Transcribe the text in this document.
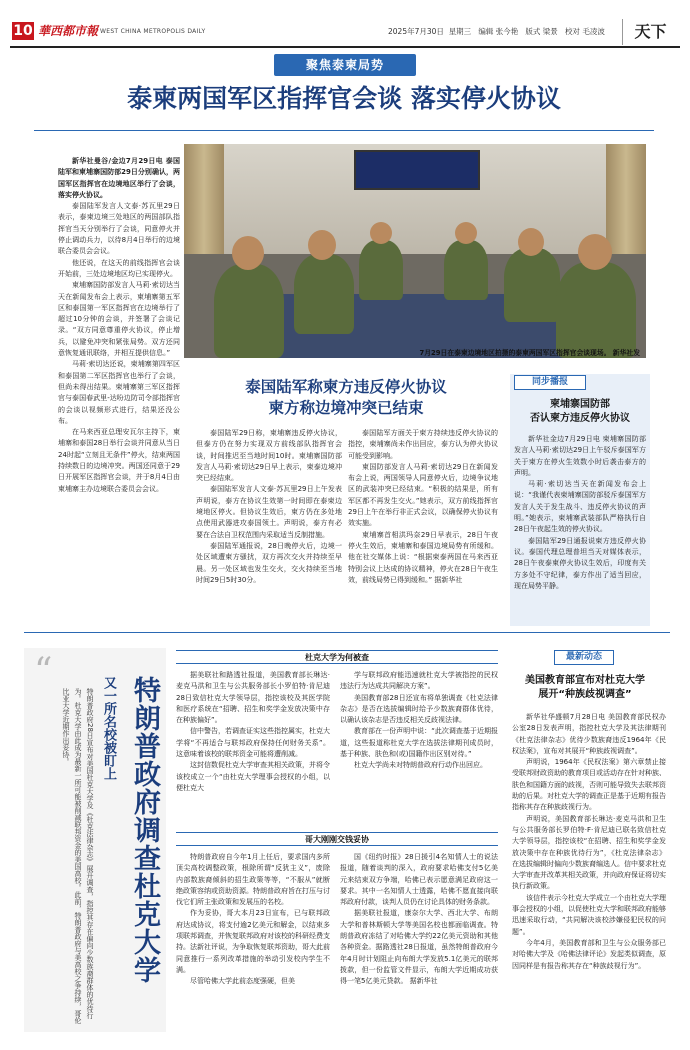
10 華西都市報 WEST CHINA METROPOLIS DAILY	2025年7月30日 星期三 编辑 张今艳 版式 梁景 校对 毛凌波	天下
聚焦泰柬局势
泰柬两国军区指挥官会谈 落实停火协议

新华社曼谷/金边7月29日电 泰国陆军和柬埔寨国防部29日分别确认，两国军区指挥官在边境地区举行了会谈，落实停火协议。

泰国陆军发言人文泰·苏瓦里29日表示，泰柬边境三处地区的两国部队指挥官当天分别举行了会谈，同意停火并停止调动兵力，以待8月4日举行的边境联合委员会会议。

他还说，在这天的前线指挥官会谈开始前，三处边境地区均已实现停火。

柬埔寨国防部发言人马莉·索切达当天在新闻发布会上表示，柬埔寨第五军区和泰国第一军区指挥官在边境举行了超过10分钟的会谈，并签署了会谈记录。“双方同意尊重停火协议，停止增兵，以避免冲突和紧张局势。双方还同意恢复通讯联络，并相互提供信息。”

马莉·索切达还说，柬埔寨第四军区和泰国第二军区指挥官也举行了会谈，但尚未得出结果。柬埔寨第三军区指挥官与泰国春武里-达吩边防司令部指挥官的会谈以视频形式进行，结果还没公布。

在马来西亚总理安瓦尔主持下，柬埔寨和泰国28日举行会谈并同意从当日24时起“立刻且无条件”停火，结束两国持续数日的边境冲突。两国还同意于29日开展军区指挥官会谈，并于8月4日由柬埔寨主办边境联合委员会会议。

7月29日在泰柬边境地区拍摄的泰柬两国军区指挥官会谈现场。 新华社发
泰国陆军称柬方违反停火协议
柬方称边境冲突已结束

泰国陆军29日称，柬埔寨违反停火协议，但泰方仍在努力实现双方前线部队指挥官会谈，时间推迟至当地时间10时。柬埔寨国防部发言人马莉·索切达29日早上表示，柬泰边境冲突已经结束。

泰国陆军发言人文泰·苏瓦里29日上午发表声明说，泰方在协议生效第一时间即在泰柬边境地区停火。但协议生效后，柬方仍在多处地点使用武器进攻泰国领土。声明说，泰方有必要在合法自卫权范围内采取适当反制措施。

泰国陆军通报说，28日晚停火后，边境一处区域遭柬方骚扰，双方再次交火并持续至早晨。另一处区域也发生交火，交火持续至当地时间29日5时30分。

泰国陆军方面关于柬方持续违反停火协议的指控，柬埔寨尚未作出回应，泰方认为停火协议可能受到影响。

柬国防部发言人马莉·索切达29日在新闻发布会上说，两国领导人同意停火后，边境争议地区的武装冲突已经结束。“积极的结果是，所有军区都不再发生交火。”她表示，双方前线指挥官29日上午在举行非正式会议，以确保停火协议有效实施。

柬埔寨首相洪玛奈29日早表示，28日午夜停火生效后，柬埔寨和泰国边境局势有所缓和。他在社交媒体上说：“根据柬泰两国在马来西亚特别会议上达成的协议精神，停火在28日午夜生效，前线局势已得到缓和。” 据新华社

同步播报
柬埔寨国防部
否认柬方违反停火协议

新华社金边7月29日电 柬埔寨国防部发言人马莉·索切达29日上午驳斥泰国军方关于柬方在停火生效数小时后袭击泰方的声明。

马莉·索切达当天在新闻发布会上说：“我谨代表柬埔寨国防部驳斥泰国军方发言人关于发生战斗、违反停火协议的声明。”她表示，柬埔寨武装部队严格执行自28日午夜起生效的停火协议。

泰国陆军29日通报说柬方违反停火协议。泰国代理总理普坦当天对媒体表示，28日午夜泰柬停火协议生效后，印度有关方多处不守纪律，泰方作出了适当回应，现在局势平静。

“
特朗普政府调查杜克大学
又一所名校被盯上
特朗普政府28日宣布对美国杜克大学及《杜克法律杂志》展开调查，指控其存在偏向少数族裔群体的优待行为。杜克大学由此成为最新一所可能被削减联邦资金的美国高校。此前，特朗普政府与美高校之争持续，哥伦比亚大学近期作出妥协。
杜克大学为何被查

据美联社和路透社报道，美国教育部长琳达·麦克马洪和卫生与公共服务部长小罗伯特·肯尼迪28日致信杜克大学领导层，指控该校及其医学院和医疗系统在“招聘、招生和奖学金发放决策中存在种族偏好”。

信中警告，若调查证实这些指控属实，杜克大学将“不再适合与联邦政府保持任何财务关系”。这意味着该校的联邦资金可能将遭削减。

这封信数促杜克大学审查其相关政策，并将令该校成立一个“由杜克大学理事会授权的小组，以便杜克大

学与联邦政府能迅速就杜克大学被指控的民权违法行为达成共同解决方案”。

美国教育部28日还宣布将单独调查《杜克法律杂志》是否在选拔编辑时给予少数族裔群体优待，以确认该杂志是否违反相关反歧视法律。

教育部在一份声明中说：“此次调查基于近期报道，这些报道称杜克大学在选拔法律期刊成员时，基于种族、肤色和(或)国籍作出区别对待。”

杜克大学尚未对特朗普政府行动作出回应。

哥大刚刚交钱妥协

特朗普政府自今年1月上任后，要求国内多所顶尖高校调整政策，根除所谓“反犹主义”，废除内部数族裔倾斜的招生政策等等，“不服从”就断绝政策容纳或资助资源。特朗普政府旨在打压与讨伐它们所主张政策和发展压的名校。

作为妥协，哥大本月23日宣布，已与联邦政府达成协议，将支付逾2亿美元和解金，以结束多项联邦调查，并恢复联邦政府对该校的科研经费支持。法新社评说，为争取恢复联邦资助，哥大此前同意推行一系列改革措施的举动引发校内学生不满。

尽管哈佛大学此前态度强硬，但美

国《纽约时报》28日援引4名知情人士的说法报道，随着谈判的深入，政府要求哈佛支付5亿美元来结束双方争端，哈佛已表示愿意满足政府这一要求。其中一名知情人士透露，哈佛不愿直接向联邦政府付款，谈判人员仍在讨论具体的财务条款。

据美联社报道，康奈尔大学、西北大学、布朗大学和普林斯顿大学等美国名校也都面临调查。特朗普政府冻结了对哈佛大学约22亿美元资助和其他各种资金。据路透社28日报道，虽然特朗普政府今年4月时计划阻止向布朗大学发放5.1亿美元的联邦拨款，但一份监管文件显示，布朗大学近期成功获得一笔5亿美元贷款。 据新华社

最新动态
美国教育部宣布对杜克大学
展开“种族歧视调查”

新华社华盛顿7月28日电 美国教育部民权办公室28日发表声明，指控杜克大学及其法律期刊《杜克法律杂志》优待少数族裔违反1964年《民权法案》，宣布对其展开“种族歧视调查”。

声明说，1964年《民权法案》第六章禁止接受联邦财政资助的教育项目或活动存在针对种族、肤色和国籍方面的歧视，否则可能导致失去联邦资助的后果。对杜克大学的调查正是基于近期有报告指称其存在种族歧视行为。

声明说，美国教育部长琳达·麦克马洪和卫生与公共服务部长罗伯特·F·肯尼迪已联名致信杜克大学领导层，指控该校“在招聘、招生和奖学金发放决策中存在种族优待行为”，《杜克法律杂志》在选拔编辑时偏向少数族裔编选人。信中要求杜克大学审查并改革其相关政策，并向政府保证将切实执行新政策。

该信件表示今杜克大学成立一个由杜克大学理事会授权的小组，以促使杜克大学和联邦政府能够迅速采取行动，“共同解决该校涉嫌侵犯民权的问题”。

今年4月，美国教育部和卫生与公众服务部已对哈佛大学及《哈佛法律评论》发起类似调查，原因同样是有报告称其存在“种族歧视行为”。
